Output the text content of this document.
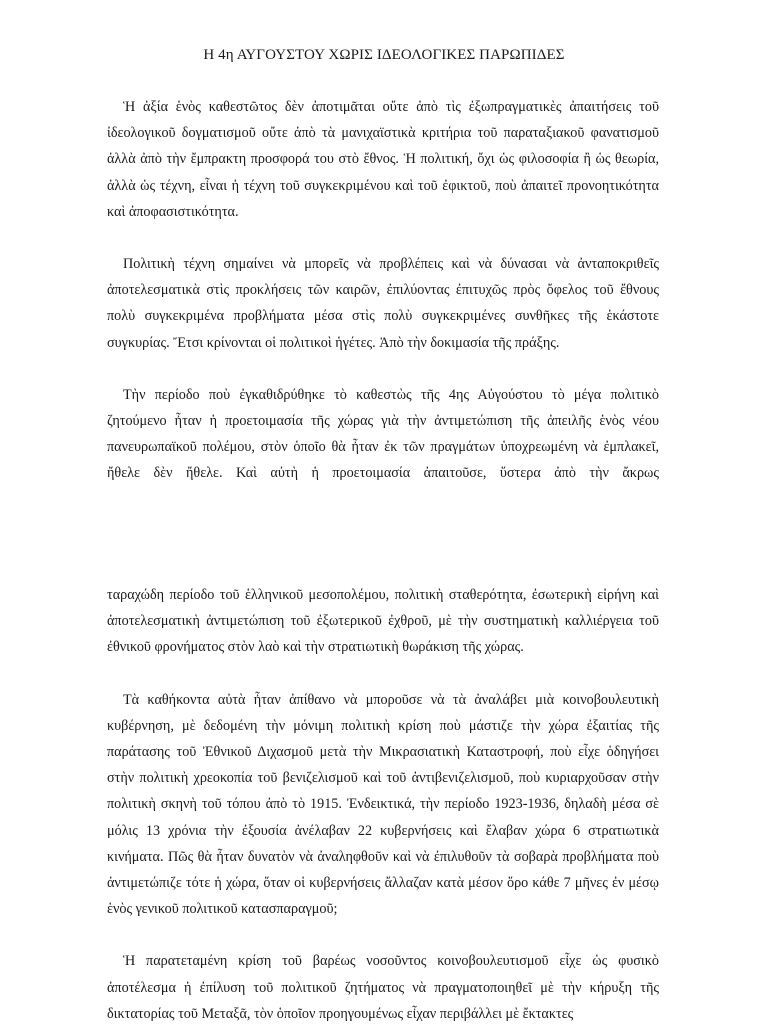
Η 4η ΑΥΓΟΥΣΤΟΥ ΧΩΡΙΣ ΙΔΕΟΛΟΓΙΚΕΣ ΠΑΡΩΠΙΔΕΣ

Ἡ ἀξία ἑνὸς καθεστῶτος δὲν ἀποτιμᾶται οὔτε ἀπὸ τὶς ἐξωπραγματικὲς ἀπαιτήσεις τοῦ ἰδεολογικοῦ δογματισμοῦ οὔτε ἀπὸ τὰ μανιχαϊστικὰ κριτήρια τοῦ παραταξιακοῦ φανατισμοῦ ἀλλὰ ἀπὸ τὴν ἔμπρακτη προσφορά του στὸ ἔθνος. Ἡ πολιτική, ὄχι ὡς φιλοσοφία ἢ ὡς θεωρία, ἀλλὰ ὡς τέχνη, εἶναι ἡ τέχνη τοῦ συγκεκριμένου καὶ τοῦ ἐφικτοῦ, ποὺ ἀπαιτεῖ προνοητικότητα καὶ ἀποφασιστικότητα.

Πολιτικὴ τέχνη σημαίνει νὰ μπορεῖς νὰ προβλέπεις καὶ νὰ δύνασαι νὰ ἀνταποκριθεῖς ἀποτελεσματικὰ στὶς προκλήσεις τῶν καιρῶν, ἐπιλύοντας ἐπιτυχῶς πρὸς ὄφελος τοῦ ἔθνους πολὺ συγκεκριμένα προβλήματα μέσα στὶς πολὺ συγκεκριμένες συνθῆκες τῆς ἑκάστοτε συγκυρίας. Ἔτσι κρίνονται οἱ πολιτικοὶ ἡγέτες. Ἀπὸ τὴν δοκιμασία τῆς πράξης.

Τὴν περίοδο ποὺ ἐγκαθιδρύθηκε τὸ καθεστὼς τῆς 4ης Αὐγούστου τὸ μέγα πολιτικὸ ζητούμενο ἦταν ἡ προετοιμασία τῆς χώρας γιὰ τὴν ἀντιμετώπιση τῆς ἀπειλῆς ἑνὸς νέου πανευρωπαϊκοῦ πολέμου, στὸν ὁποῖο θὰ ἦταν ἐκ τῶν πραγμάτων ὑποχρεωμένη νὰ ἐμπλακεῖ, ἤθελε δὲν ἤθελε. Καὶ αὐτὴ ἡ προετοιμασία ἀπαιτοῦσε, ὕστερα ἀπὸ τὴν ἄκρως

ταραχώδη περίοδο τοῦ ἑλληνικοῦ μεσοπολέμου, πολιτικὴ σταθερότητα, ἐσωτερικὴ εἰρήνη καὶ ἀποτελεσματικὴ ἀντιμετώπιση τοῦ ἐξωτερικοῦ ἐχθροῦ, μὲ τὴν συστηματικὴ καλλιέργεια τοῦ ἐθνικοῦ φρονήματος στὸν λαὸ καὶ τὴν στρατιωτικὴ θωράκιση τῆς χώρας.

Τὰ καθήκοντα αὐτὰ ἦταν ἀπίθανο νὰ μποροῦσε νὰ τὰ ἀναλάβει μιὰ κοινοβουλευτικὴ κυβέρνηση, μὲ δεδομένη τὴν μόνιμη πολιτικὴ κρίση ποὺ μάστιζε τὴν χώρα ἐξαιτίας τῆς παράτασης τοῦ Ἐθνικοῦ Διχασμοῦ μετὰ τὴν Μικρασιατικὴ Καταστροφή, ποὺ εἶχε ὁδηγήσει στὴν πολιτικὴ χρεοκοπία τοῦ βενιζελισμοῦ καὶ τοῦ ἀντιβενιζελισμοῦ, ποὺ κυριαρχοῦσαν στὴν πολιτικὴ σκηνὴ τοῦ τόπου ἀπὸ τὸ 1915. Ἐνδεικτικά, τὴν περίοδο 1923-1936, δηλαδὴ μέσα σὲ μόλις 13 χρόνια τὴν ἐξουσία ἀνέλαβαν 22 κυβερνήσεις καὶ ἔλαβαν χώρα 6 στρατιωτικὰ κινήματα. Πῶς θὰ ἦταν δυνατὸν νὰ ἀναληφθοῦν καὶ νὰ ἐπιλυθοῦν τὰ σοβαρὰ προβλήματα ποὺ ἀντιμετώπιζε τότε ἡ χώρα, ὅταν οἱ κυβερνήσεις ἄλλαζαν κατὰ μέσον ὅρο κάθε 7 μῆνες ἐν μέσῳ ἑνὸς γενικοῦ πολιτικοῦ κατασπαραγμοῦ;

Ἡ παρατεταμένη κρίση τοῦ βαρέως νοσοῦντος κοινοβουλευτισμοῦ εἶχε ὡς φυσικὸ ἀποτέλεσμα ἡ ἐπίλυση τοῦ πολιτικοῦ ζητήματος νὰ πραγματοποιηθεῖ μὲ τὴν κήρυξη τῆς δικτατορίας τοῦ Μεταξᾶ, τὸν ὁποῖον προηγουμένως εἶχαν περιβάλλει μὲ ἔκτακτες
